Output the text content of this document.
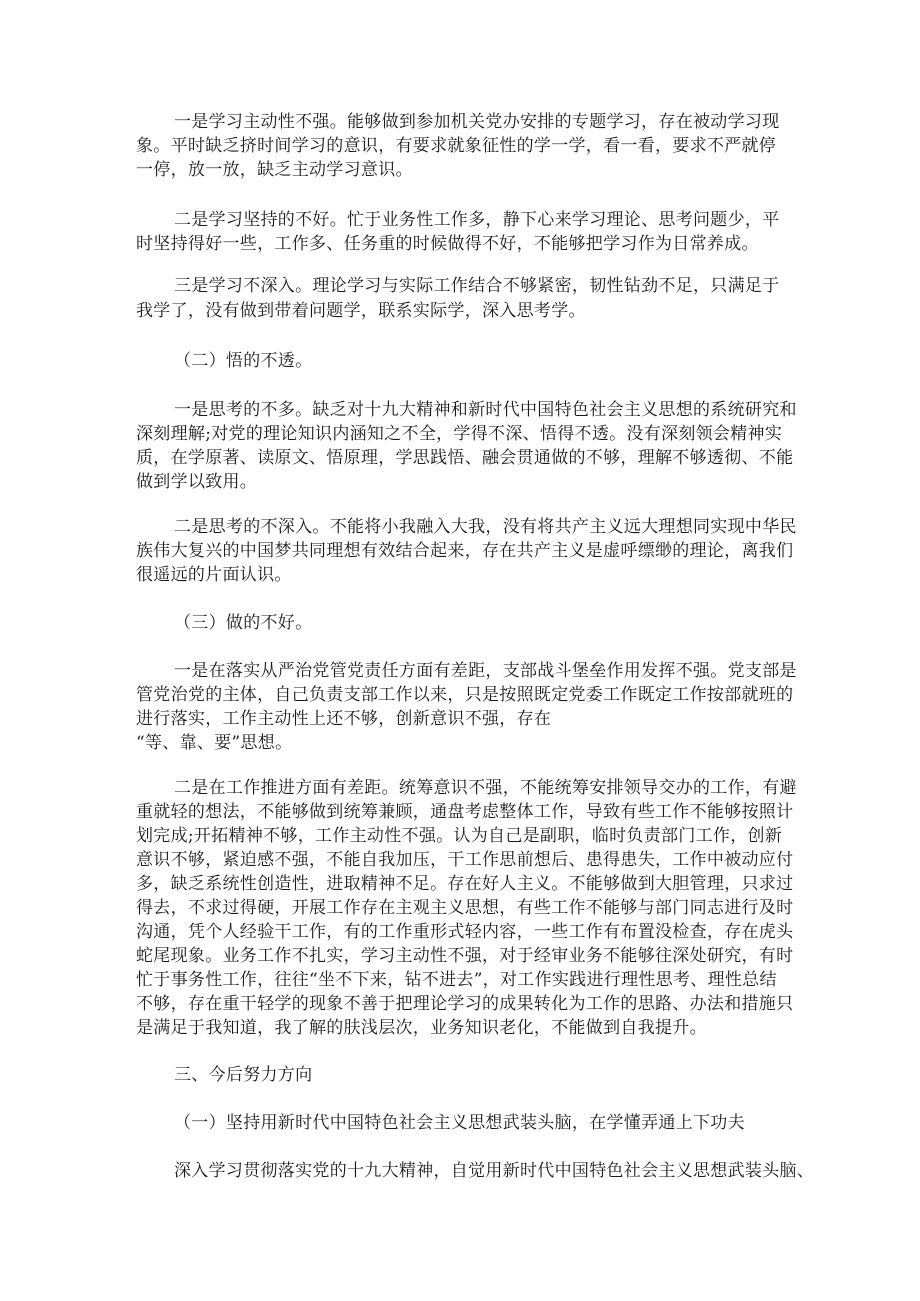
一是学习主动性不强。能够做到参加机关党办安排的专题学习，存在被动学习现
象。平时缺乏挤时间学习的意识，有要求就象征性的学一学，看一看，要求不严就停
一停，放一放，缺乏主动学习意识。
二是学习坚持的不好。忙于业务性工作多，静下心来学习理论、思考问题少，平
时坚持得好一些，工作多、任务重的时候做得不好，不能够把学习作为日常养成。
三是学习不深入。理论学习与实际工作结合不够紧密，韧性钻劲不足，只满足于
我学了，没有做到带着问题学，联系实际学，深入思考学。
（二）悟的不透。
一是思考的不多。缺乏对十九大精神和新时代中国特色社会主义思想的系统研究和
深刻理解;对党的理论知识内涵知之不全，学得不深、悟得不透。没有深刻领会精神实
质，在学原著、读原文、悟原理，学思践悟、融会贯通做的不够，理解不够透彻、不能
做到学以致用。
二是思考的不深入。不能将小我融入大我，没有将共产主义远大理想同实现中华民
族伟大复兴的中国梦共同理想有效结合起来，存在共产主义是虚呼缥缈的理论，离我们
很遥远的片面认识。
（三）做的不好。
一是在落实从严治党管党责任方面有差距，支部战斗堡垒作用发挥不强。党支部是
管党治党的主体，自己负责支部工作以来，只是按照既定党委工作既定工作按部就班的
进行落实，工作主动性上还不够，创新意识不强，存在
“等、靠、要”思想。
二是在工作推进方面有差距。统筹意识不强，不能统筹安排领导交办的工作，有避
重就轻的想法，不能够做到统筹兼顾，通盘考虑整体工作，导致有些工作不能够按照计
划完成;开拓精神不够，工作主动性不强。认为自己是副职，临时负责部门工作，创新
意识不够，紧迫感不强，不能自我加压，干工作思前想后、患得患失，工作中被动应付
多，缺乏系统性创造性，进取精神不足。存在好人主义。不能够做到大胆管理，只求过
得去，不求过得硬，开展工作存在主观主义思想，有些工作不能够与部门同志进行及时
沟通，凭个人经验干工作，有的工作重形式轻内容，一些工作有布置没检查，存在虎头
蛇尾现象。业务工作不扎实，学习主动性不强，对于经审业务不能够往深处研究，有时
忙于事务性工作，往往“坐不下来，钻不进去”，对工作实践进行理性思考、理性总结
不够，存在重干轻学的现象不善于把理论学习的成果转化为工作的思路、办法和措施只
是满足于我知道，我了解的肤浅层次，业务知识老化，不能做到自我提升。
三、今后努力方向
（一）坚持用新时代中国特色社会主义思想武装头脑，在学懂弄通上下功夫
深入学习贯彻落实党的十九大精神，自觉用新时代中国特色社会主义思想武装头脑、
